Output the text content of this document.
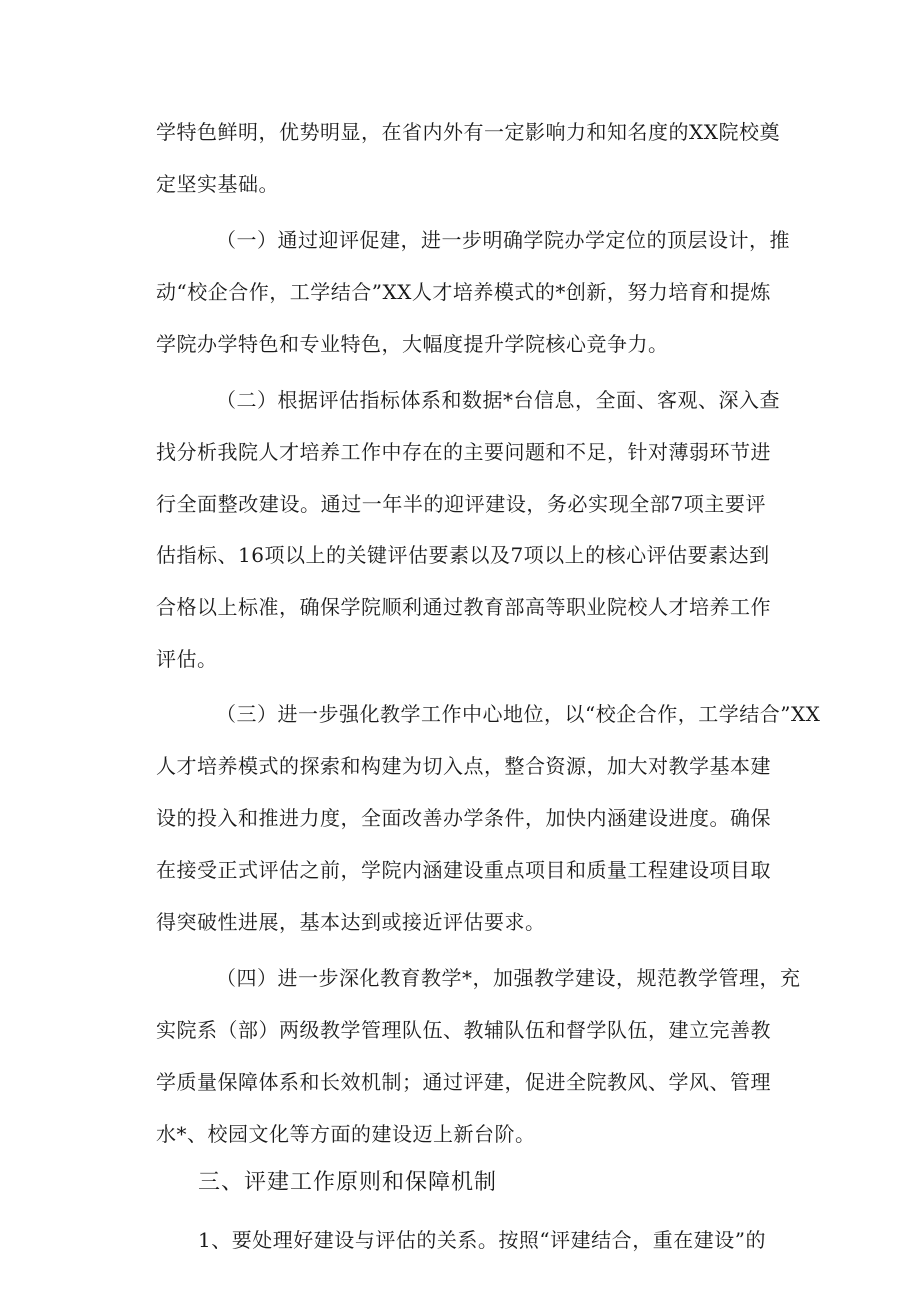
学特色鲜明，优势明显，在省内外有一定影响力和知名度的XX院校奠
定坚实基础。
（一）通过迎评促建，进一步明确学院办学定位的顶层设计，推
动“校企合作，工学结合”XX人才培养模式的*创新，努力培育和提炼
学院办学特色和专业特色，大幅度提升学院核心竞争力。
（二）根据评估指标体系和数据*台信息，全面、客观、深入查
找分析我院人才培养工作中存在的主要问题和不足，针对薄弱环节进
行全面整改建设。通过一年半的迎评建设，务必实现全部7项主要评
估指标、16项以上的关键评估要素以及7项以上的核心评估要素达到
合格以上标准，确保学院顺利通过教育部高等职业院校人才培养工作
评估。
（三）进一步强化教学工作中心地位，以“校企合作，工学结合”XX
人才培养模式的探索和构建为切入点，整合资源，加大对教学基本建
设的投入和推进力度，全面改善办学条件，加快内涵建设进度。确保
在接受正式评估之前，学院内涵建设重点项目和质量工程建设项目取
得突破性进展，基本达到或接近评估要求。
（四）进一步深化教育教学*，加强教学建设，规范教学管理，充
实院系（部）两级教学管理队伍、教辅队伍和督学队伍，建立完善教
学质量保障体系和长效机制；通过评建，促进全院教风、学风、管理
水*、校园文化等方面的建设迈上新台阶。
三、评建工作原则和保障机制
1、要处理好建设与评估的关系。按照“评建结合，重在建设”的
